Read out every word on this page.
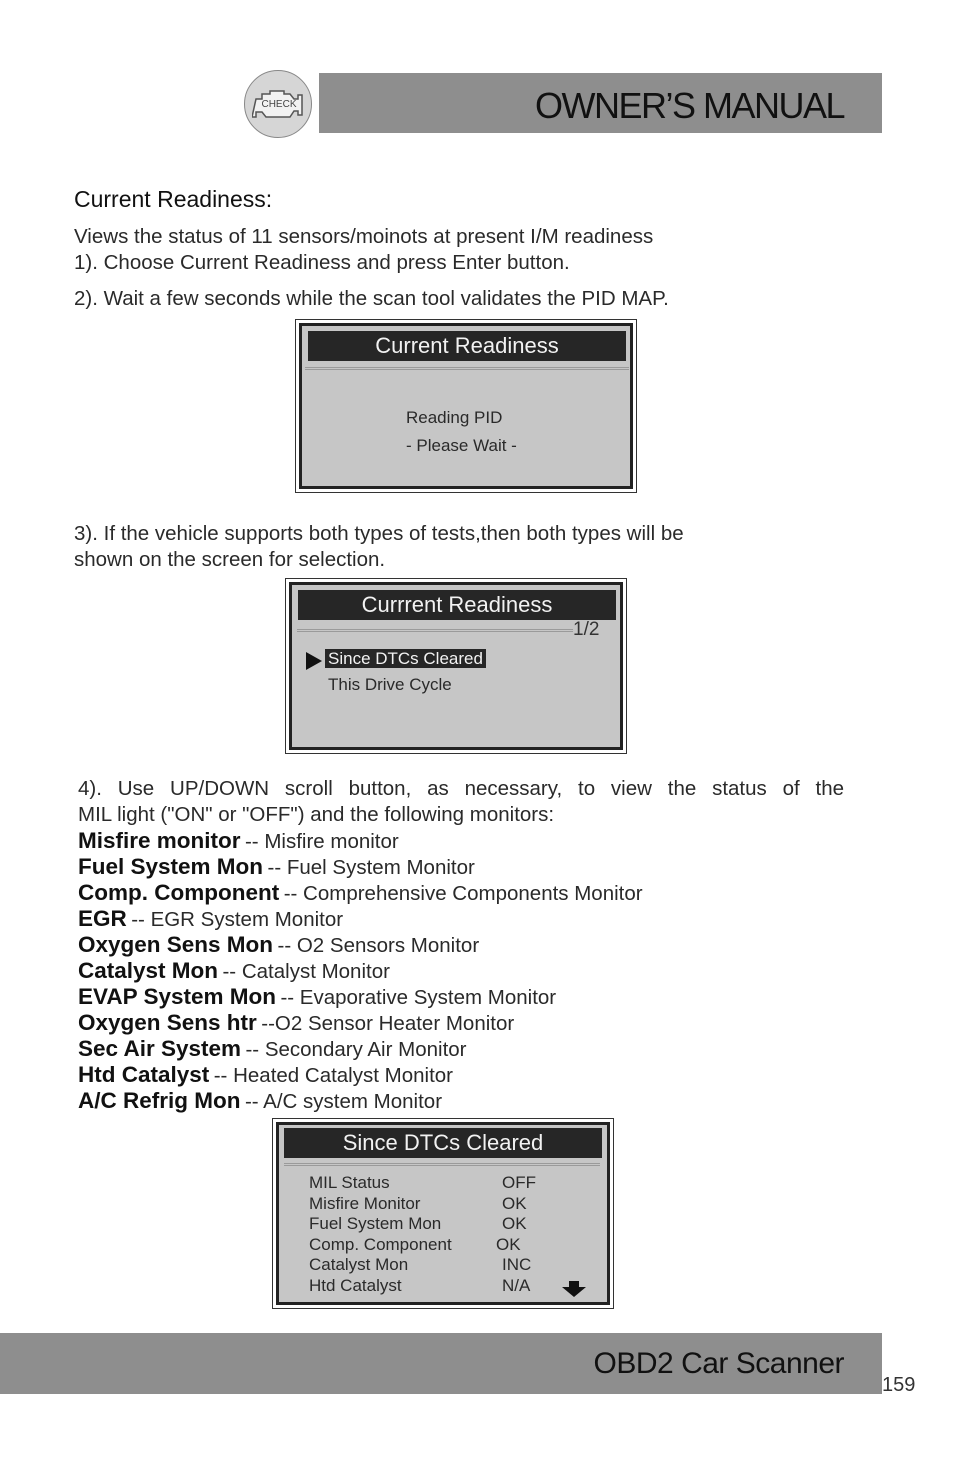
CHECK	OWNER’S MANUAL
Current Readiness:
Views the status of 11 sensors/moinots at present I/M readiness
1). Choose Current Readiness and press Enter button.
2). Wait a few seconds while the scan tool validates the PID MAP.
Current Readiness
Reading PID
- Please Wait -
3). If the vehicle supports both types of tests,then both types will be
shown on the screen for selection.
Currrent Readiness
1/2
Since DTCs Cleared
This Drive Cycle
4). Use UP/DOWN scroll button, as necessary, to view the status of the
MIL light ("ON" or "OFF") and the following monitors:
Misfire monitor -- Misfire monitor
Fuel System Mon -- Fuel System Monitor
Comp. Component -- Comprehensive Components Monitor
EGR -- EGR System Monitor
Oxygen Sens Mon -- O2 Sensors Monitor
Catalyst Mon -- Catalyst Monitor
EVAP System Mon -- Evaporative System Monitor
Oxygen Sens htr --O2 Sensor Heater Monitor
Sec Air System -- Secondary Air Monitor
Htd Catalyst -- Heated Catalyst Monitor
A/C Refrig Mon -- A/C system Monitor
Since DTCs Cleared
MIL Status	OFF
Misfire Monitor	OK
Fuel System Mon	OK
Comp. Component	OK
Catalyst Mon	INC
Htd Catalyst	N/A
OBD2 Car Scanner
159
